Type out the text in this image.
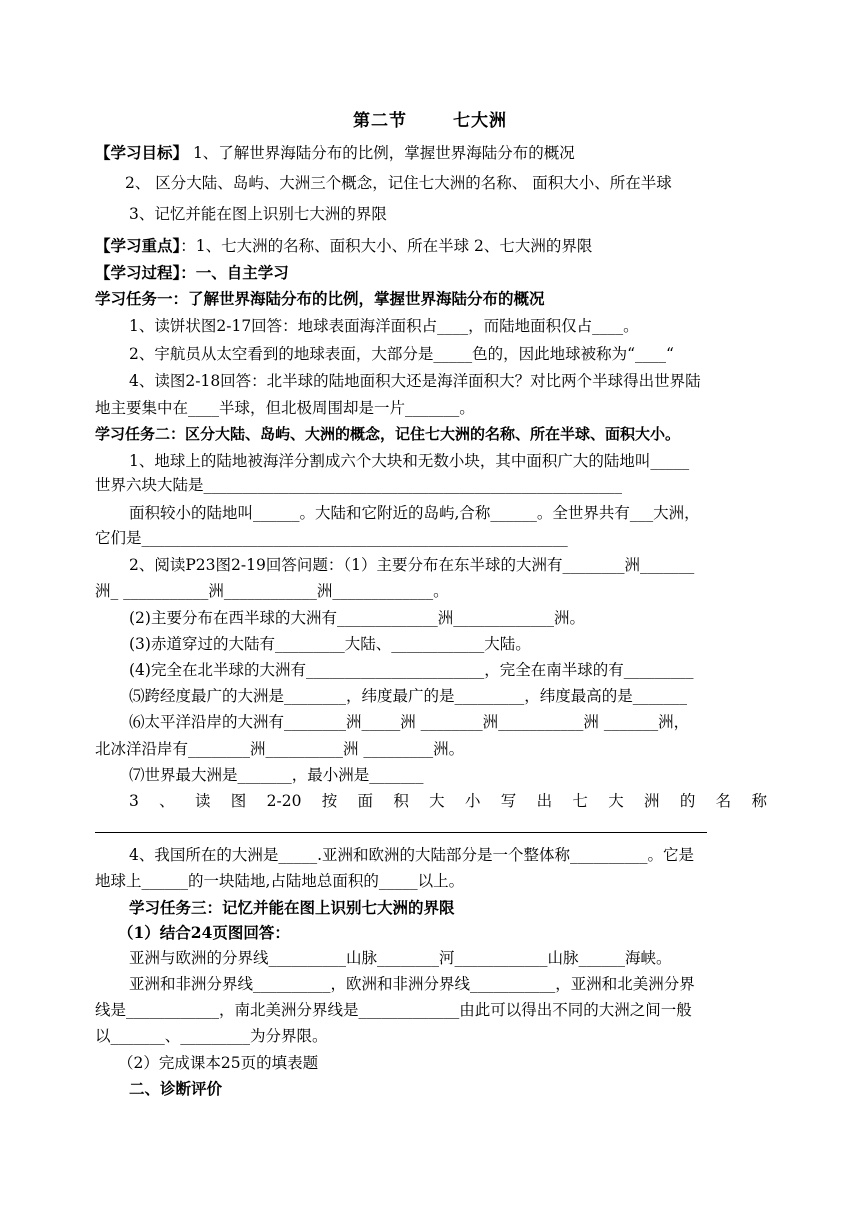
第二节	七大洲
【学习目标】 1、了解世界海陆分布的比例，掌握世界海陆分布的概况
2、 区分大陆、岛屿、大洲三个概念，记住七大洲的名称、 面积大小、所在半球
3、记忆并能在图上识别七大洲的界限
【学习重点】：1、七大洲的名称、面积大小、所在半球 2、七大洲的界限
【学习过程】：一、自主学习
学习任务一：了解世界海陆分布的比例，掌握世界海陆分布的概况
1、读饼状图2-17回答：地球表面海洋面积占____，而陆地面积仅占____。
2、宇航员从太空看到的地球表面，大部分是_____色的，因此地球被称为“____“
4、读图2-18回答：北半球的陆地面积大还是海洋面积大？对比两个半球得出世界陆
地主要集中在____半球，但北极周围却是一片_______。
学习任务二：区分大陆、岛屿、大洲的概念，记住七大洲的名称、所在半球、面积大小。
1、地球上的陆地被海洋分割成六个大块和无数小块，其中面积广大的陆地叫_____
世界六块大陆是______________________________________________________
面积较小的陆地叫______。大陆和它附近的岛屿,合称______。全世界共有___大洲，
它们是_______________________________________________________
2、阅读P23图2-19回答问题：（1）主要分布在东半球的大洲有________洲_______
洲_ ___________洲____________洲_____________。
(2)主要分布在西半球的大洲有_____________洲_____________洲。
(3)赤道穿过的大陆有_________大陆、____________大陆。
(4)完全在北半球的大洲有_______________________，完全在南半球的有_________
⑸跨经度最广的大洲是________，纬度最广的是_________，纬度最高的是_______
⑹太平洋沿岸的大洲有________洲_____洲 ________洲___________洲 _______洲，
北冰洋沿岸有________洲__________洲 _________洲。
⑺世界最大洲是_______，最小洲是_______
3 、 读 图 2-20 按 面 积 大 小 写 出 七 大 洲 的 名 称
4、我国所在的大洲是_____.亚洲和欧洲的大陆部分是一个整体称__________。它是
地球上______的一块陆地,占陆地总面积的_____以上。
学习任务三：记忆并能在图上识别七大洲的界限
（1）结合24页图回答：
亚洲与欧洲的分界线__________山脉________河____________山脉______海峡。
亚洲和非洲分界线__________，欧洲和非洲分界线___________，亚洲和北美洲分界
线是____________，南北美洲分界线是_____________由此可以得出不同的大洲之间一般
以_______、_________为分界限。
（2）完成课本25页的填表题
二、诊断评价
